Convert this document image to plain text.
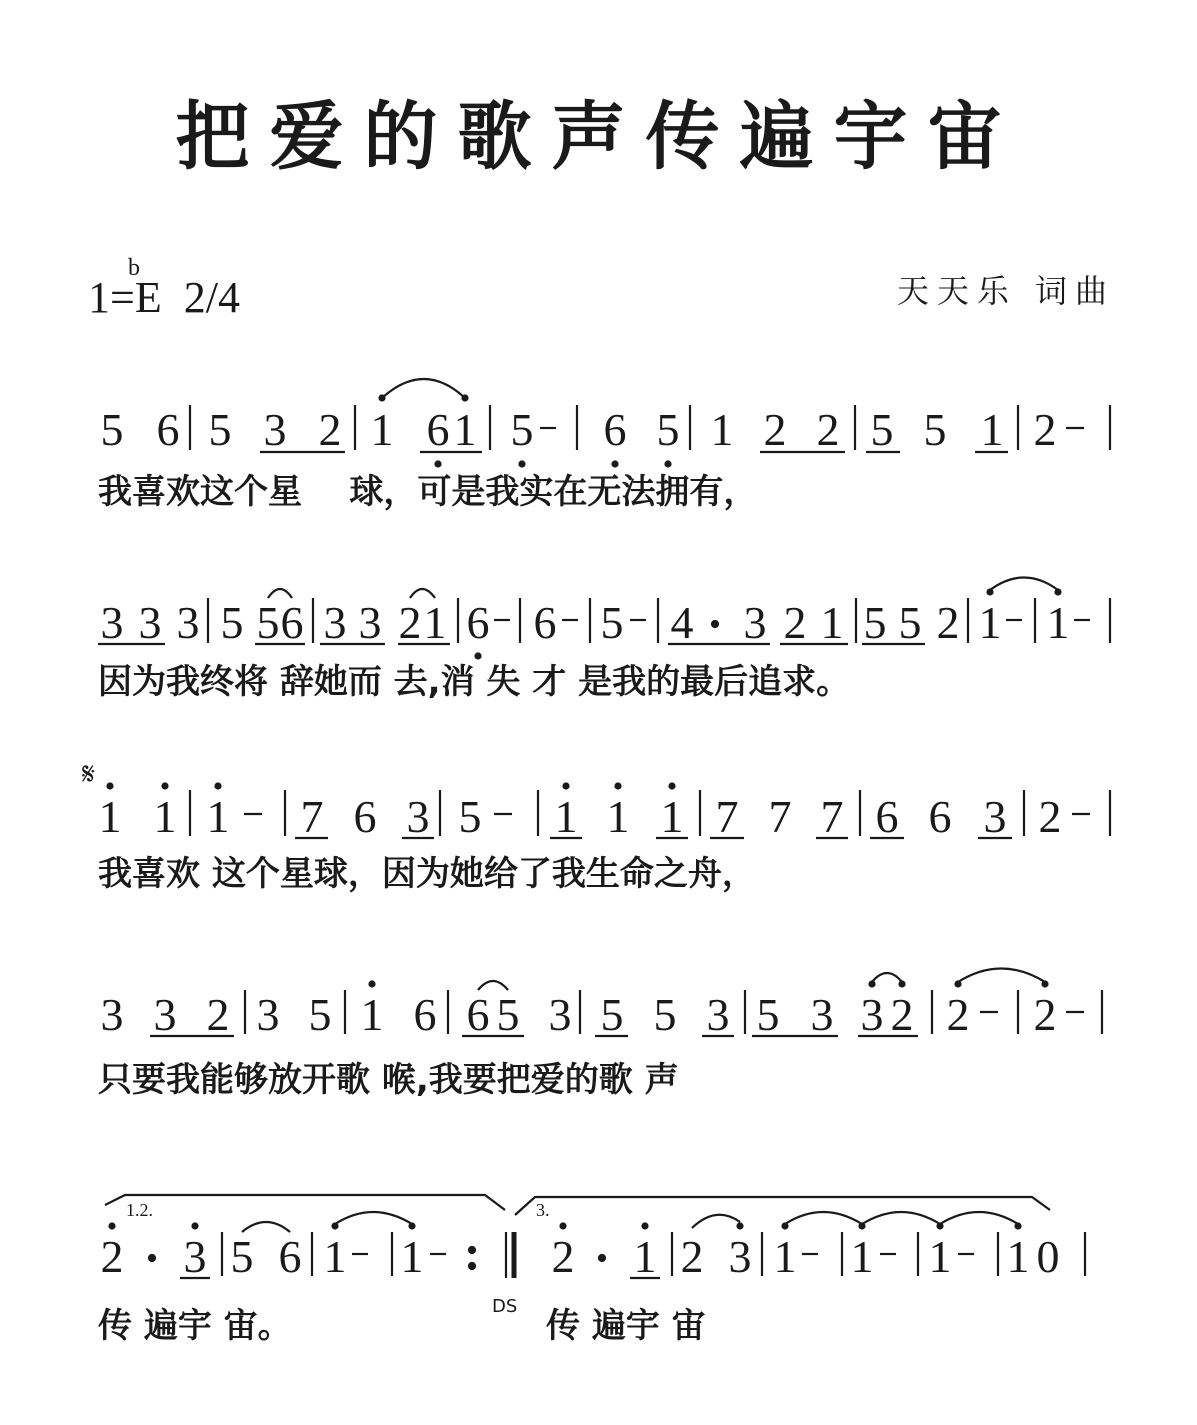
把爱的歌声传遍宇宙
1=E
b
2/4	天天乐 词曲
5 6 5 3 2 1 6 1 5 6 5 1 2 2 5 5 1 2
3 3 3 5 5 6 3 3 2 1 6 6 5 4 3 2 1 5 5 2 1 1
1 1 1 7 6 3 5 1 1 1 7 7 7 6 6 3 2
3 3 2 3 5 1 6 6 5 3 5 5 3 5 3 3 2 2 2
1.2.	3.
2 3 5 6 1 1
DS
2 1 2 3 1 1 1 1 0
𝄋
我喜欢这个星    球，可是我实在无法拥有，
因为我终将 辞她而 去,消 失 才 是我的最后追求。
我喜欢 这个星球，因为她给了我生命之舟，
只要我能够放开歌 喉,我要把爱的歌 声
传 遍宇 宙。	传 遍宇 宙
